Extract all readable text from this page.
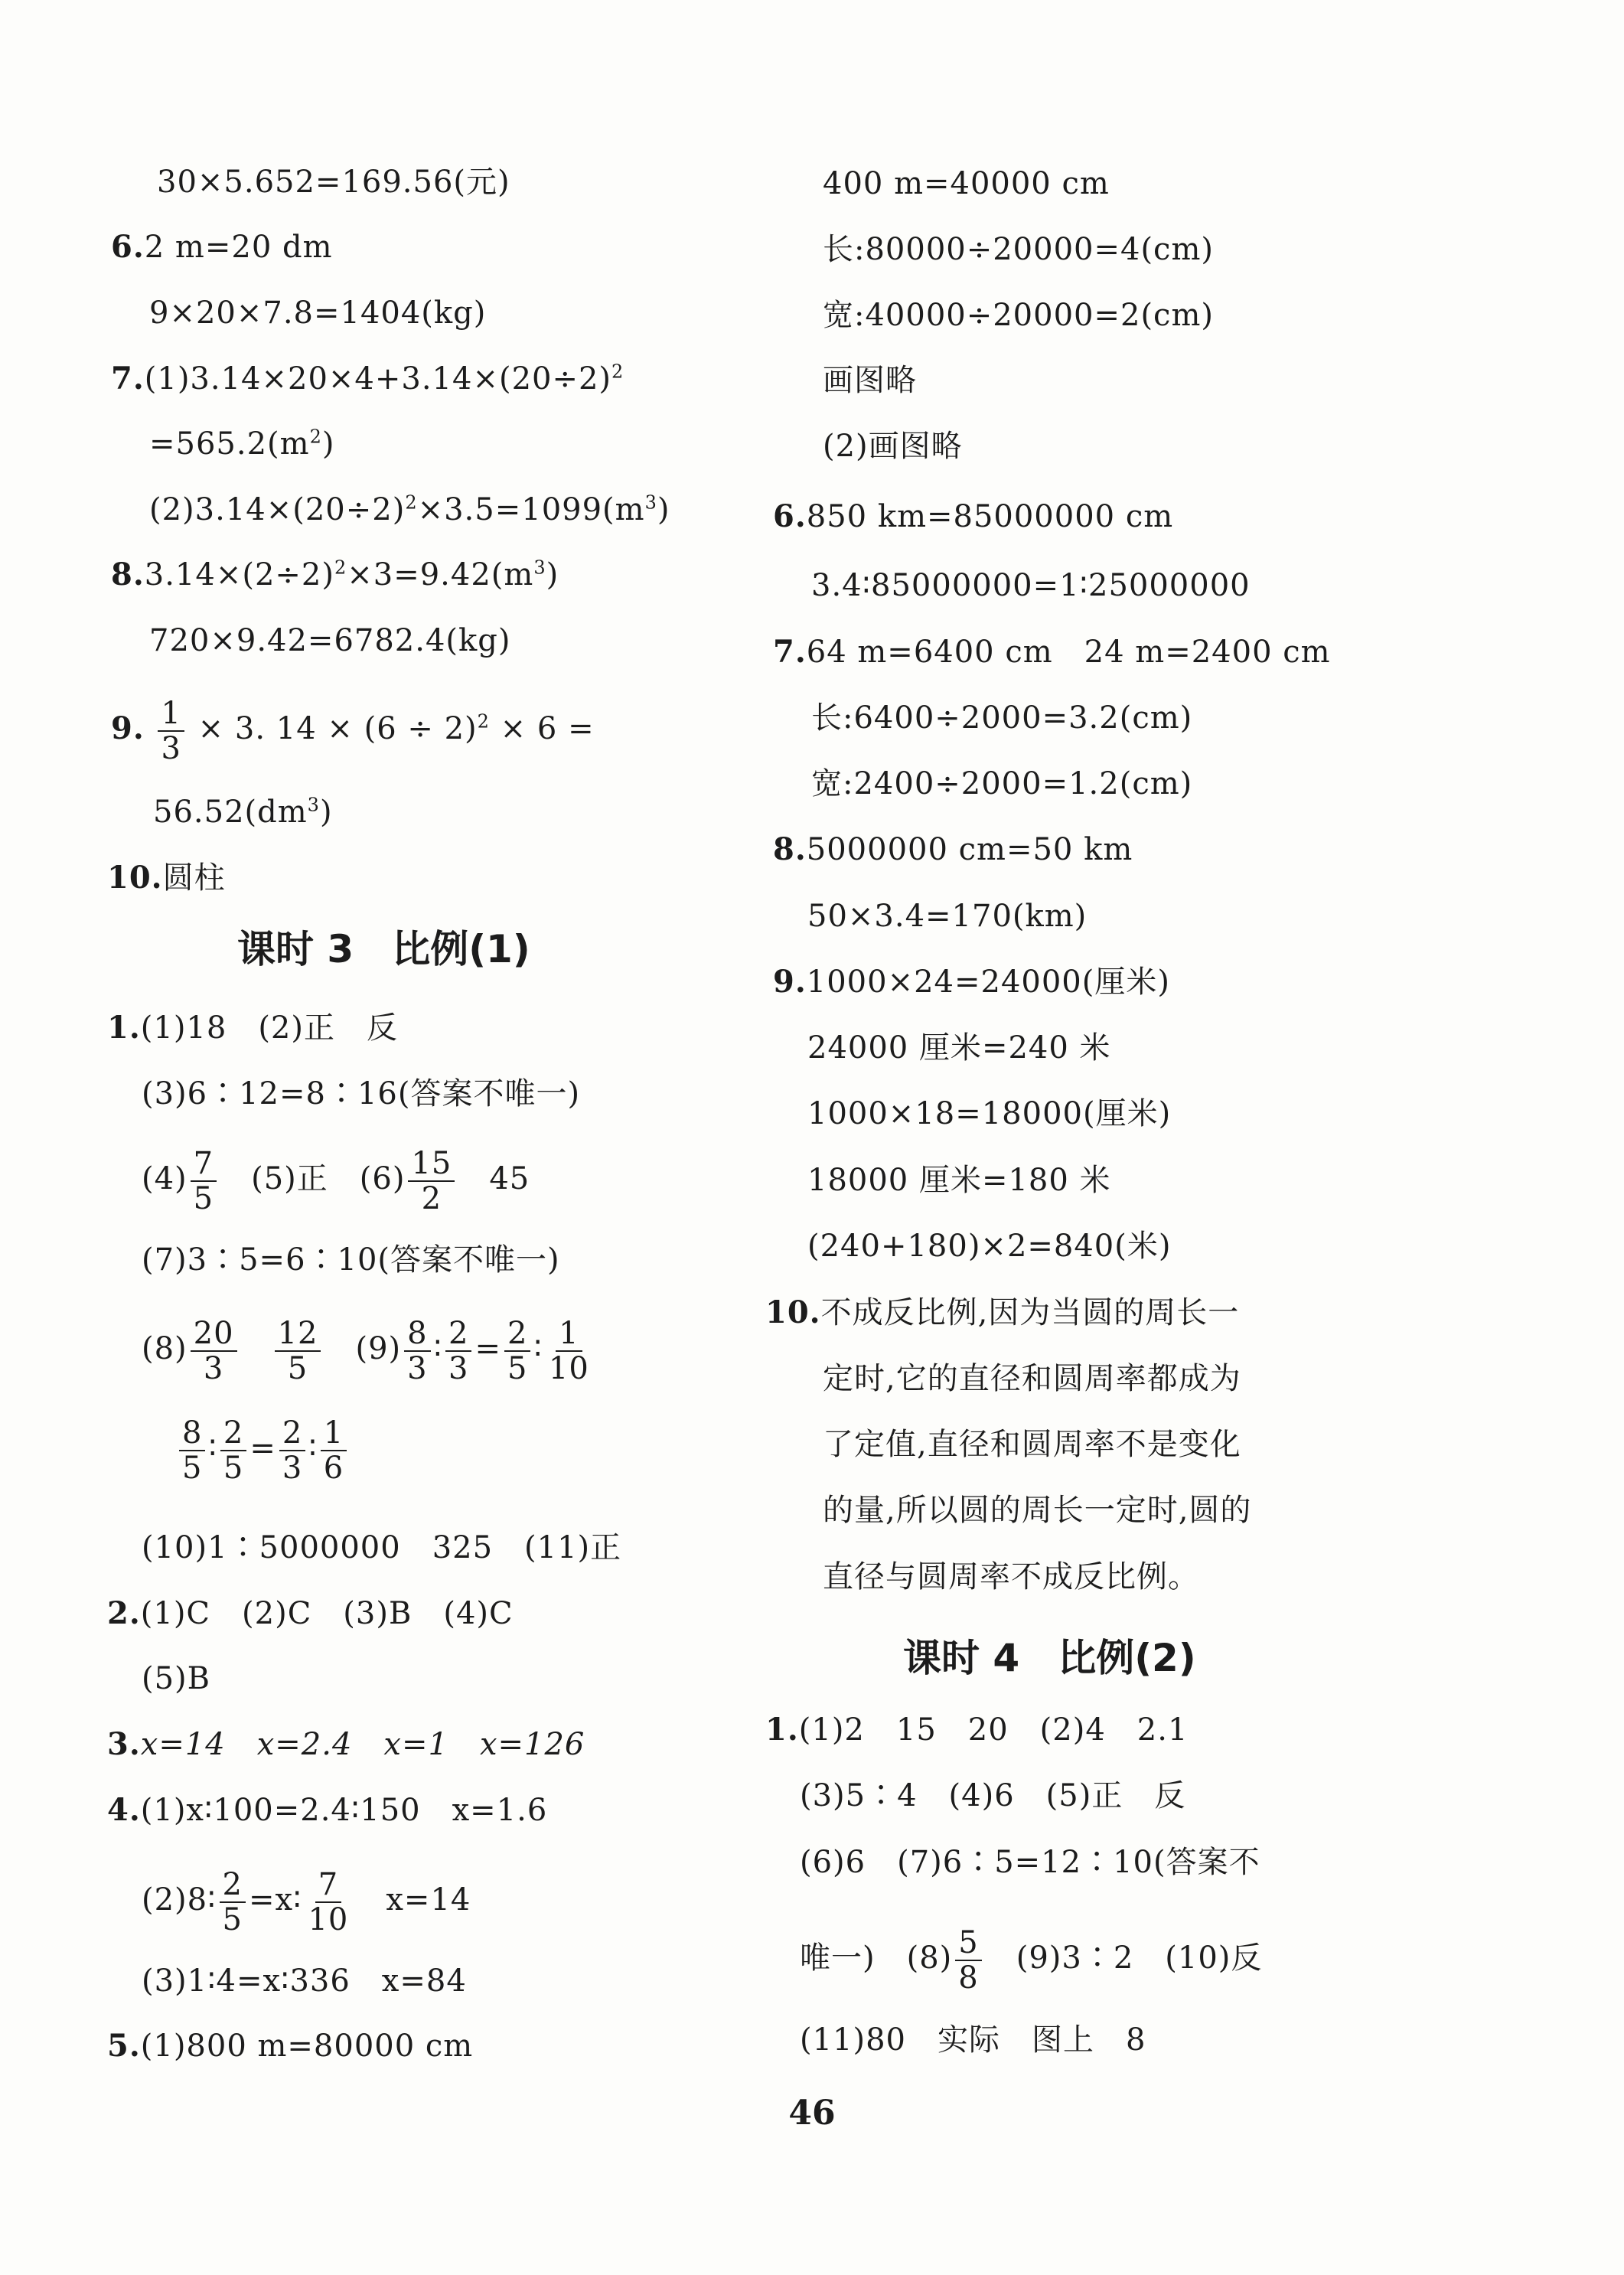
30×5.652=169.56(元)
6.2 m=20 dm
9×20×7.8=1404(kg)
$7.(1)3.14\times 20\times 4+3.14\times(20\div 2)^2$
$=565.2(m^2)$
$(2)3.14\times(20\div 2)^2\times 3.5=1099(m^3)$
$8.3.14\times(2\div 2)^2\times 3=9.42(m^3)$
720×9.42=6782.4(kg)
9. $\frac{1}{3} \times 3$. $14 \times (6 \div 2)^2 \times 6$ =
$56.52(dm^3)$
10.圆柱
课时 3　比例(1)
1.(1)18　(2)正　反
(3)6∶12=8∶16(答案不唯一)
$(4) \frac{7}{5}$
　 (5)正　$(6) \frac{15}{2}$
　 45
(7)3∶5=6∶10(答案不唯一)
$(8) \frac{20}{3}$
　 $\frac{12}{5}$
　 $(9) \frac{8}{3}$ ∶ $\frac{2}{3} = \frac{2}{5}$ ∶ $\frac{1}{10}$
$\frac{8}{5}$ ∶ $\frac{2}{5} = \frac{2}{3}$ ∶ $\frac{1}{6}$
(10)1∶5000000　325　(11)正
2.(1)C　(2)C　(3)B　(4)C
(5)B
3.x=14　x=2.4　x=1　x=126
4.(1)x∶100=2.4∶150　x=1.6
(2)8∶ $\frac{2}{5}$ =x∶ $\frac{7}{10}$
　 x=14
(3)1∶4=x∶336　x=84
5.(1)800 m=80000 cm
400 m=40000 cm
长:80000÷20000=4(cm)
宽:40000÷20000=2(cm)
画图略
(2)画图略
6.850 km=85000000 cm
3.4∶85000000=1∶25000000
7.64 m=6400 cm　24 m=2400 cm
长:6400÷2000=3.2(cm)
宽:2400÷2000=1.2(cm)
8.5000000 cm=50 km
50×3.4=170(km)
9.1000×24=24000(厘米)
24000 厘米=240 米
1000×18=18000(厘米)
18000 厘米=180 米
(240+180)×2=840(米)
10.不成反比例,因为当圆的周长一
定时,它的直径和圆周率都成为
了定值,直径和圆周率不是变化
的量,所以圆的周长一定时,圆的
直径与圆周率不成反比例。
课时 4　比例(2)
1.(1)2　15　20　(2)4　2.1
(3)5∶4　(4)6　(5)正　反
(6)6　(7)6∶5=12∶10(答案不
唯一)　$(8) \frac{5}{8}$
　 (9)3∶2　(10)反
(11)80　实际　图上　8
46
